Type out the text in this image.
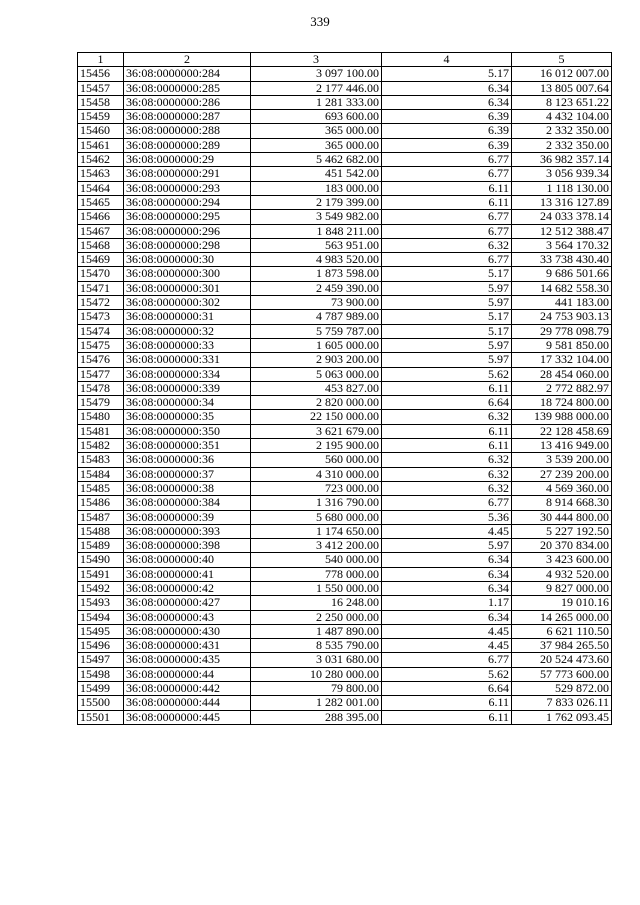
339
1	2	3	4	5
15456	36:08:0000000:284	3 097 100.00	5.17	16 012 007.00
15457	36:08:0000000:285	2 177 446.00	6.34	13 805 007.64
15458	36:08:0000000:286	1 281 333.00	6.34	8 123 651.22
15459	36:08:0000000:287	693 600.00	6.39	4 432 104.00
15460	36:08:0000000:288	365 000.00	6.39	2 332 350.00
15461	36:08:0000000:289	365 000.00	6.39	2 332 350.00
15462	36:08:0000000:29	5 462 682.00	6.77	36 982 357.14
15463	36:08:0000000:291	451 542.00	6.77	3 056 939.34
15464	36:08:0000000:293	183 000.00	6.11	1 118 130.00
15465	36:08:0000000:294	2 179 399.00	6.11	13 316 127.89
15466	36:08:0000000:295	3 549 982.00	6.77	24 033 378.14
15467	36:08:0000000:296	1 848 211.00	6.77	12 512 388.47
15468	36:08:0000000:298	563 951.00	6.32	3 564 170.32
15469	36:08:0000000:30	4 983 520.00	6.77	33 738 430.40
15470	36:08:0000000:300	1 873 598.00	5.17	9 686 501.66
15471	36:08:0000000:301	2 459 390.00	5.97	14 682 558.30
15472	36:08:0000000:302	73 900.00	5.97	441 183.00
15473	36:08:0000000:31	4 787 989.00	5.17	24 753 903.13
15474	36:08:0000000:32	5 759 787.00	5.17	29 778 098.79
15475	36:08:0000000:33	1 605 000.00	5.97	9 581 850.00
15476	36:08:0000000:331	2 903 200.00	5.97	17 332 104.00
15477	36:08:0000000:334	5 063 000.00	5.62	28 454 060.00
15478	36:08:0000000:339	453 827.00	6.11	2 772 882.97
15479	36:08:0000000:34	2 820 000.00	6.64	18 724 800.00
15480	36:08:0000000:35	22 150 000.00	6.32	139 988 000.00
15481	36:08:0000000:350	3 621 679.00	6.11	22 128 458.69
15482	36:08:0000000:351	2 195 900.00	6.11	13 416 949.00
15483	36:08:0000000:36	560 000.00	6.32	3 539 200.00
15484	36:08:0000000:37	4 310 000.00	6.32	27 239 200.00
15485	36:08:0000000:38	723 000.00	6.32	4 569 360.00
15486	36:08:0000000:384	1 316 790.00	6.77	8 914 668.30
15487	36:08:0000000:39	5 680 000.00	5.36	30 444 800.00
15488	36:08:0000000:393	1 174 650.00	4.45	5 227 192.50
15489	36:08:0000000:398	3 412 200.00	5.97	20 370 834.00
15490	36:08:0000000:40	540 000.00	6.34	3 423 600.00
15491	36:08:0000000:41	778 000.00	6.34	4 932 520.00
15492	36:08:0000000:42	1 550 000.00	6.34	9 827 000.00
15493	36:08:0000000:427	16 248.00	1.17	19 010.16
15494	36:08:0000000:43	2 250 000.00	6.34	14 265 000.00
15495	36:08:0000000:430	1 487 890.00	4.45	6 621 110.50
15496	36:08:0000000:431	8 535 790.00	4.45	37 984 265.50
15497	36:08:0000000:435	3 031 680.00	6.77	20 524 473.60
15498	36:08:0000000:44	10 280 000.00	5.62	57 773 600.00
15499	36:08:0000000:442	79 800.00	6.64	529 872.00
15500	36:08:0000000:444	1 282 001.00	6.11	7 833 026.11
15501	36:08:0000000:445	288 395.00	6.11	1 762 093.45
